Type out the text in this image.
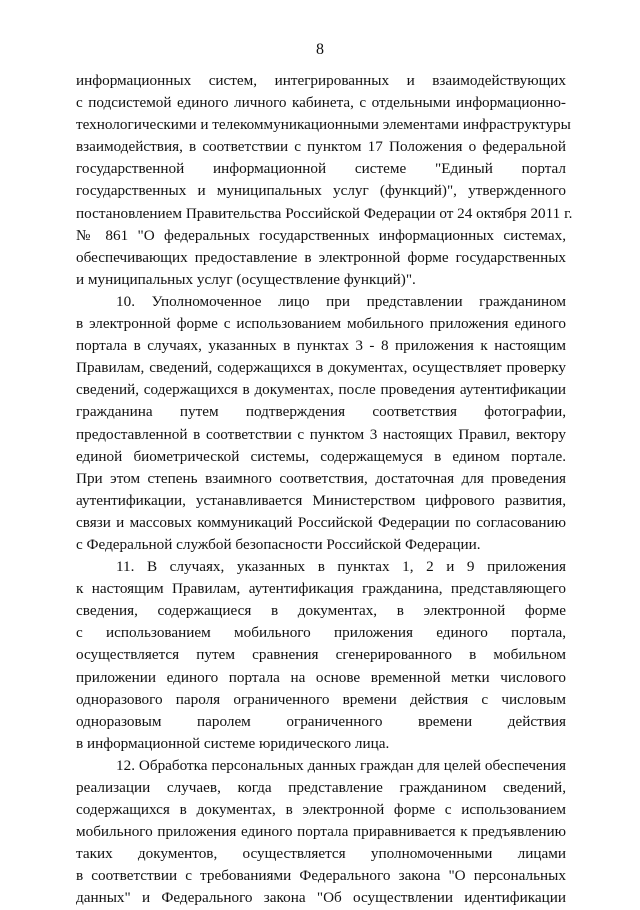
8
информационных систем, интегрированных и взаимодействующих
с подсистемой единого личного кабинета, с отдельными информационно-
технологическими и телекоммуникационными элементами инфраструктуры
взаимодействия, в соответствии с пунктом 17 Положения о федеральной
государственной информационной системе "Единый портал
государственных и муниципальных услуг (функций)", утвержденного
постановлением Правительства Российской Федерации от 24 октября 2011 г.
№ 861 "О федеральных государственных информационных системах,
обеспечивающих предоставление в электронной форме государственных
и муниципальных услуг (осуществление функций)".
10. Уполномоченное лицо при представлении гражданином
в электронной форме с использованием мобильного приложения единого
портала в случаях, указанных в пунктах 3 - 8 приложения к настоящим
Правилам, сведений, содержащихся в документах, осуществляет проверку
сведений, содержащихся в документах, после проведения аутентификации
гражданина путем подтверждения соответствия фотографии,
предоставленной в соответствии с пунктом 3 настоящих Правил, вектору
единой биометрической системы, содержащемуся в едином портале.
При этом степень взаимного соответствия, достаточная для проведения
аутентификации, устанавливается Министерством цифрового развития,
связи и массовых коммуникаций Российской Федерации по согласованию
с Федеральной службой безопасности Российской Федерации.
11. В случаях, указанных в пунктах 1, 2 и 9 приложения
к настоящим Правилам, аутентификация гражданина, представляющего
сведения, содержащиеся в документах, в электронной форме
с использованием мобильного приложения единого портала,
осуществляется путем сравнения сгенерированного в мобильном
приложении единого портала на основе временной метки числового
одноразового пароля ограниченного времени действия с числовым
одноразовым паролем ограниченного времени действия
в информационной системе юридического лица.
12. Обработка персональных данных граждан для целей обеспечения
реализации случаев, когда представление гражданином сведений,
содержащихся в документах, в электронной форме с использованием
мобильного приложения единого портала приравнивается к предъявлению
таких документов, осуществляется уполномоченными лицами
в соответствии с требованиями Федерального закона "О персональных
данных" и Федерального закона "Об осуществлении идентификации
